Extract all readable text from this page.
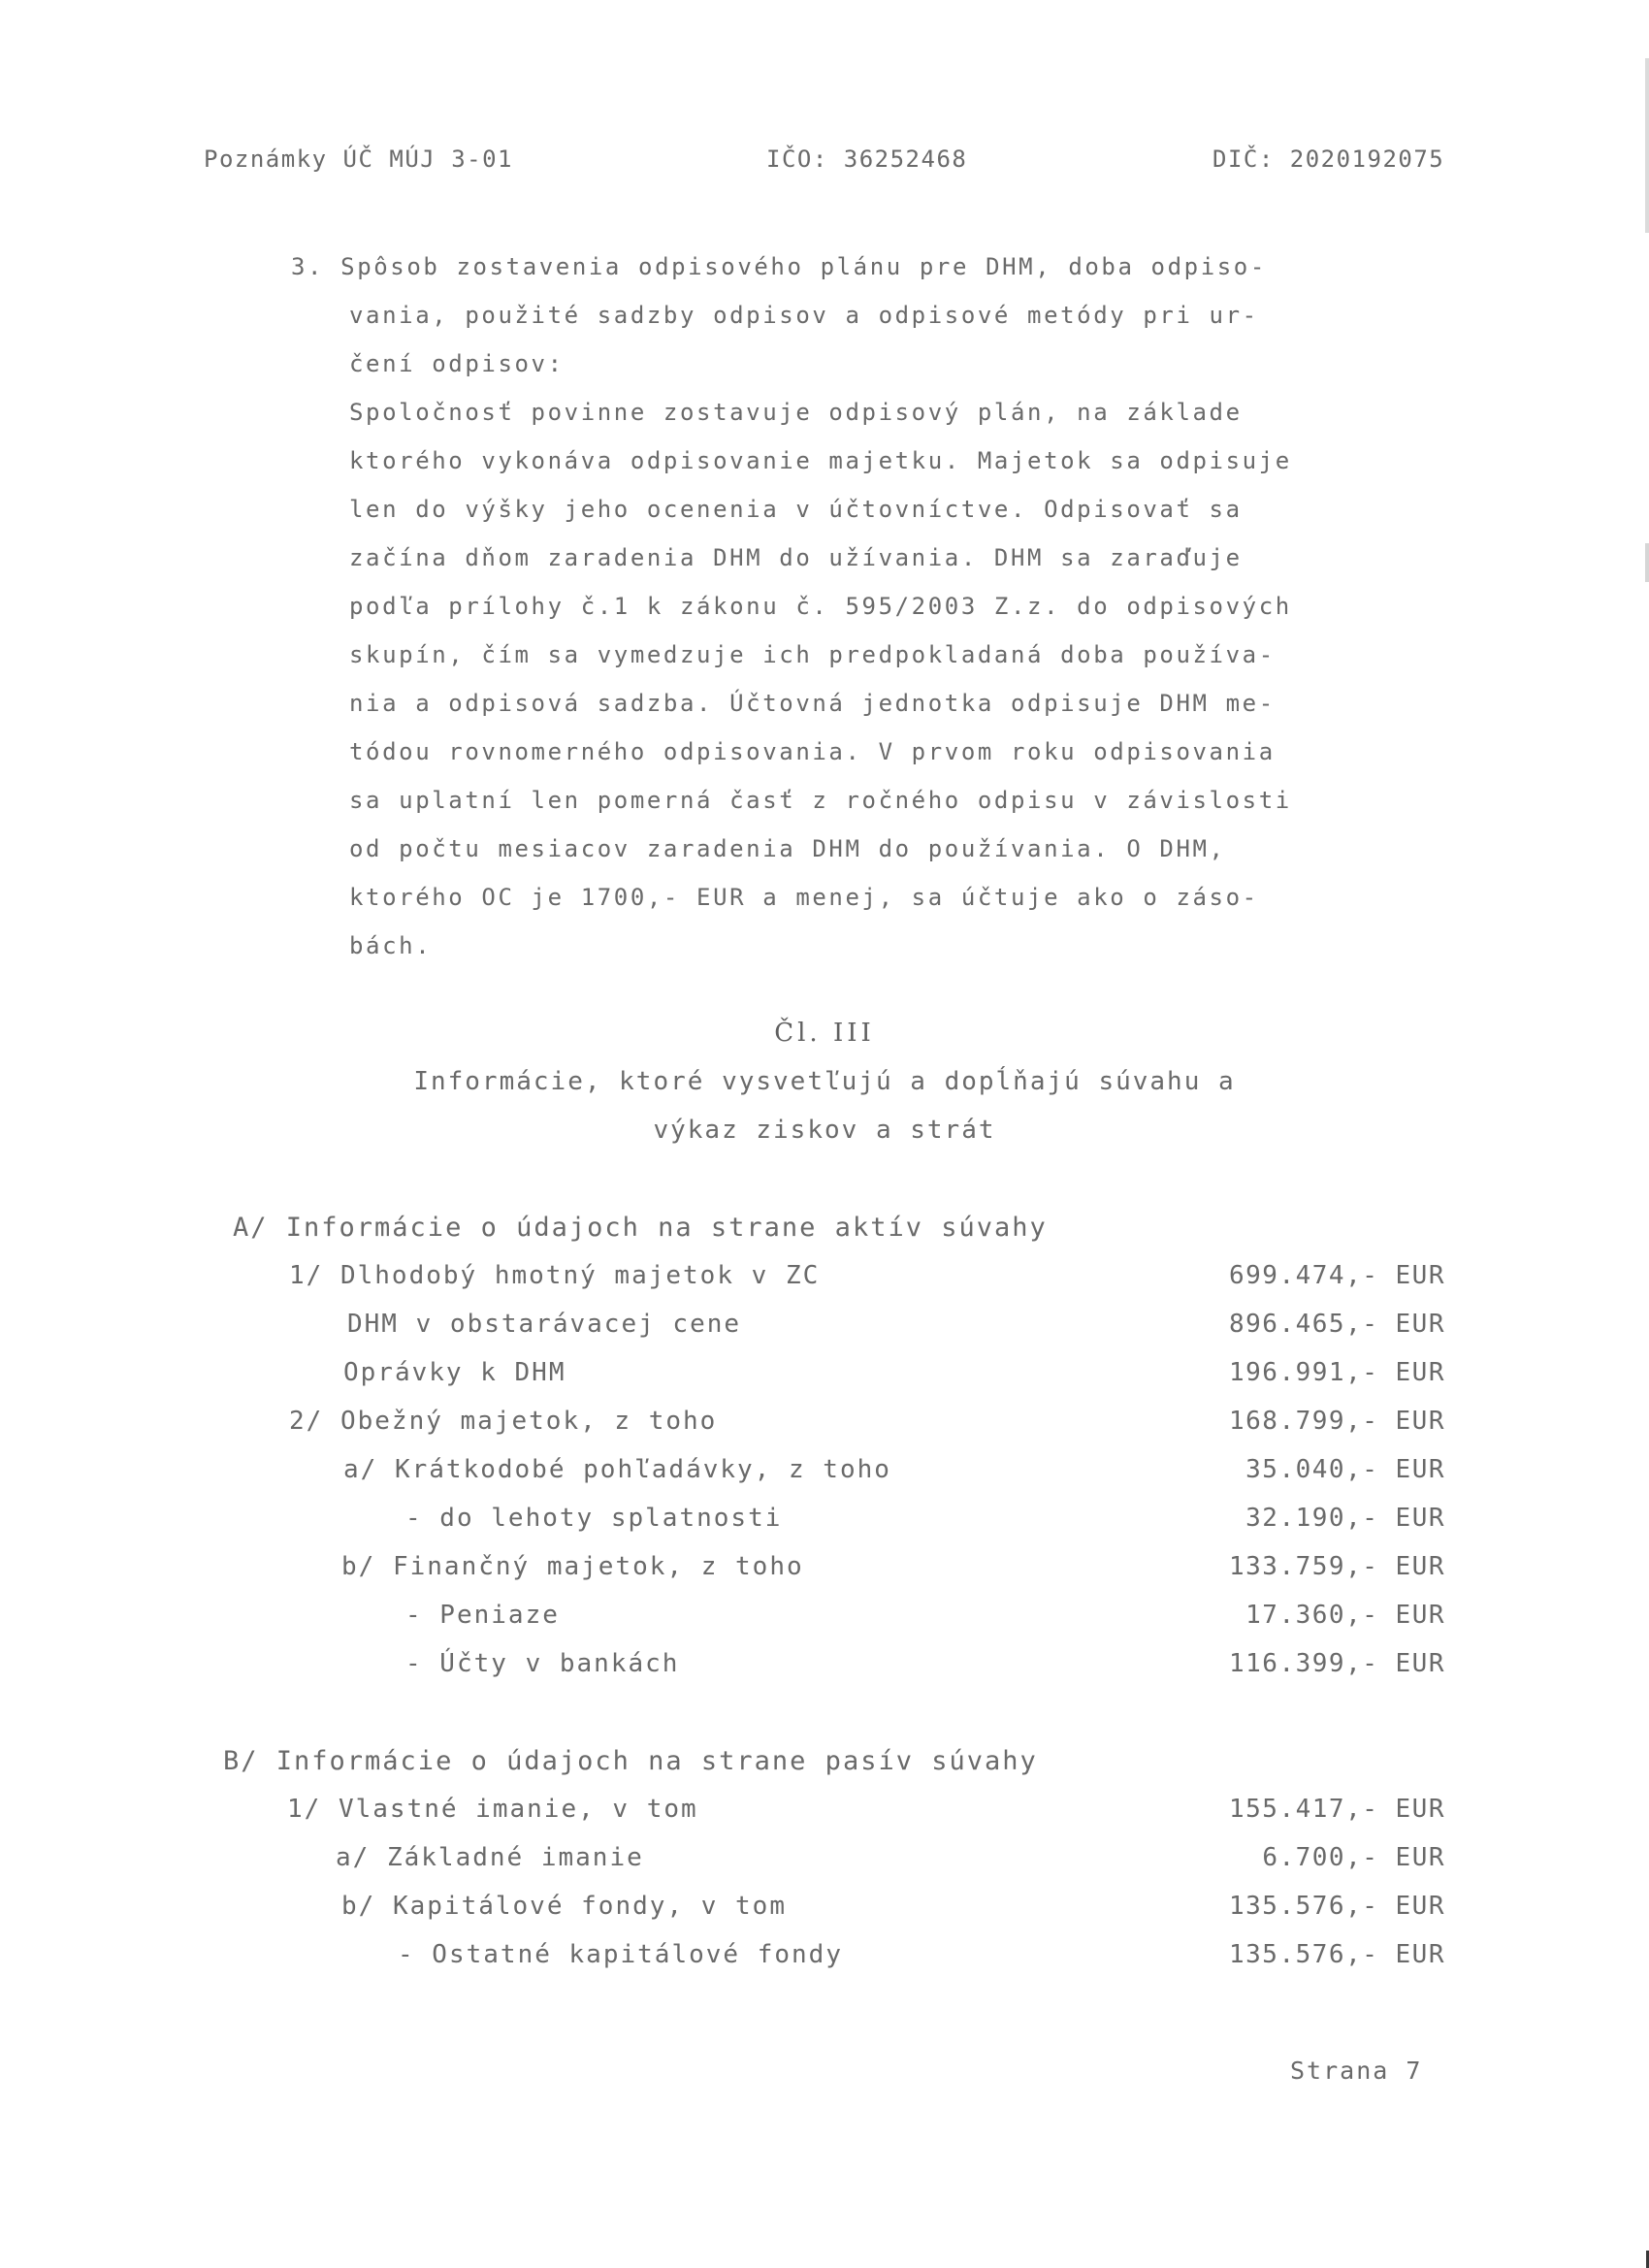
Poznámky ÚČ MÚJ 3-01	IČO: 36252468	DIČ: 2020192075
3. Spôsob zostavenia odpisového plánu pre DHM, doba odpiso-
vania, použité sadzby odpisov a odpisové metódy pri ur-
čení odpisov:
Spoločnosť povinne zostavuje odpisový plán, na základe
ktorého vykonáva odpisovanie majetku. Majetok sa odpisuje
len do výšky jeho ocenenia v účtovníctve. Odpisovať sa
začína dňom zaradenia DHM do užívania. DHM sa zaraďuje
podľa prílohy č.1 k zákonu č. 595/2003 Z.z. do odpisových
skupín, čím sa vymedzuje ich predpokladaná doba používa-
nia a odpisová sadzba. Účtovná jednotka odpisuje DHM me-
tódou rovnomerného odpisovania. V prvom roku odpisovania
sa uplatní len pomerná časť z ročného odpisu v závislosti
od počtu mesiacov zaradenia DHM do používania. O DHM,
ktorého OC je 1700,- EUR a menej, sa účtuje ako o záso-
bách.
Čl. III
Informácie, ktoré vysvetľujú a dopĺňajú súvahu a
výkaz ziskov a strát
A/ Informácie o údajoch na strane aktív súvahy
1/ Dlhodobý hmotný majetok v ZC	699.474,- EUR
DHM v obstarávacej cene	896.465,- EUR
Oprávky k DHM	196.991,- EUR
2/ Obežný majetok, z toho	168.799,- EUR
a/ Krátkodobé pohľadávky, z toho	35.040,- EUR
- do lehoty splatnosti	32.190,- EUR
b/ Finančný majetok, z toho	133.759,- EUR
- Peniaze	17.360,- EUR
- Účty v bankách	116.399,- EUR
B/ Informácie o údajoch na strane pasív súvahy
1/ Vlastné imanie, v tom	155.417,- EUR
a/ Základné imanie	6.700,- EUR
b/ Kapitálové fondy, v tom	135.576,- EUR
- Ostatné kapitálové fondy	135.576,- EUR
Strana 7
